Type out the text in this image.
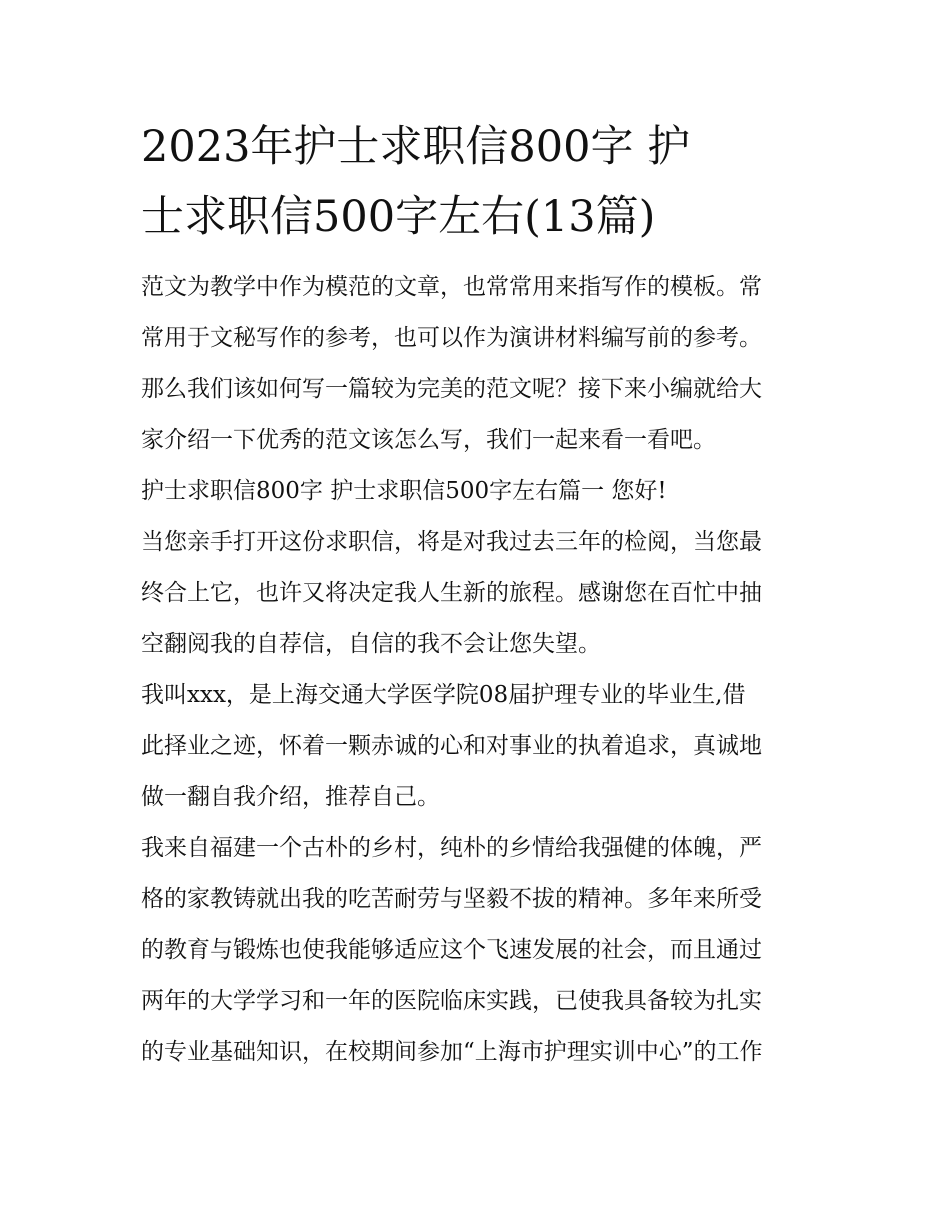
2023年护士求职信800字 护
士求职信500字左右(13篇)

范文为教学中作为模范的文章，也常常用来指写作的模板。常
常用于文秘写作的参考，也可以作为演讲材料编写前的参考。
那么我们该如何写一篇较为完美的范文呢？接下来小编就给大
家介绍一下优秀的范文该怎么写，我们一起来看一看吧。

护士求职信800字 护士求职信500字左右篇一 您好!

当您亲手打开这份求职信，将是对我过去三年的检阅，当您最
终合上它，也许又将决定我人生新的旅程。感谢您在百忙中抽
空翻阅我的自荐信，自信的我不会让您失望。

我叫xxx，是上海交通大学医学院08届护理专业的毕业生,借
此择业之迹，怀着一颗赤诚的心和对事业的执着追求，真诚地
做一翻自我介绍，推荐自己。

我来自福建一个古朴的乡村，纯朴的乡情给我强健的体魄，严
格的家教铸就出我的吃苦耐劳与坚毅不拔的精神。多年来所受
的教育与锻炼也使我能够适应这个飞速发展的社会，而且通过
两年的大学学习和一年的医院临床实践，已使我具备较为扎实
的专业基础知识，在校期间参加“上海市护理实训中心”的工作
